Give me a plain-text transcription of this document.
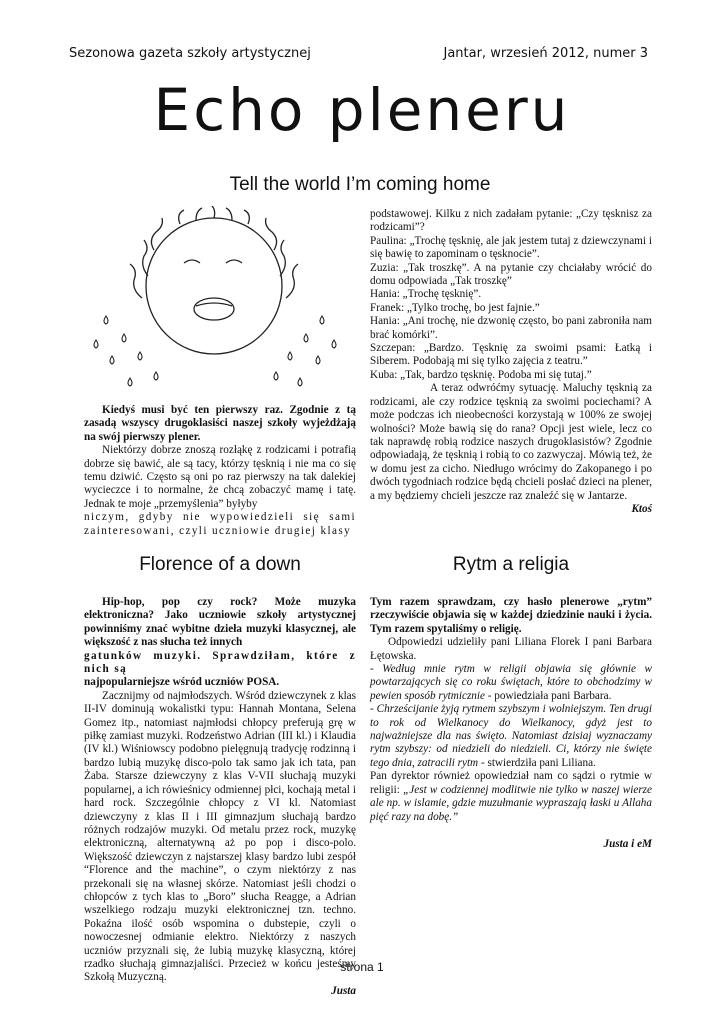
Sezonowa gazeta szkoły artystycznej	Jantar, wrzesień 2012, numer 3
Echo pleneru
Tell the world I’m coming home

Kiedyś musi być ten pierwszy raz. Zgodnie z tą zasadą wszyscy drugoklasiści naszej szkoły wyjeżdżają na swój pierwszy plener.

Niektórzy dobrze znoszą rozłąkę z rodzicami i potrafią dobrze się bawić, ale są tacy, którzy tęsknią i nie ma co się temu dziwić. Często są oni po raz pierwszy na tak dalekiej wycieczce i to normalne, że chcą zobaczyć mamę i tatę. Jednak te moje „przemyślenia” byłyby

niczym, gdyby nie wypowiedzieli się sami zainteresowani, czyli uczniowie drugiej klasy

podstawowej. Kilku z nich zadałam pytanie: „Czy tęsknisz za rodzicami”?

Paulina: „Trochę tęsknię, ale jak jestem tutaj z dziewczynami i się bawię to zapominam o tęsknocie”.

Zuzia: „Tak troszkę”. A na pytanie czy chciałaby wrócić do domu odpowiada „Tak troszkę”

Hania: „Trochę tęsknię”.

Franek: „Tylko trochę, bo jest fajnie.”

Hania: „Ani trochę, nie dzwonię często, bo pani zabroniła nam brać komórki”.

Szczepan: „Bardzo. Tęsknię za swoimi psami: Łatką i Siberem. Podobają mi się tylko zajęcia z teatru.”

Kuba: „Tak, bardzo tęsknię. Podoba mi się tutaj.”

A teraz odwróćmy sytuację. Maluchy tęsknią za rodzicami, ale czy rodzice tęsknią za swoimi pociechami? A może podczas ich nieobecności korzystają w 100% ze swojej wolności? Może bawią się do rana? Opcji jest wiele, lecz co tak naprawdę robią rodzice naszych drugoklasistów? Zgodnie odpowiadają, że tęsknią i robią to co zazwyczaj. Mówią też, że w domu jest za cicho. Niedługo wrócimy do Zakopanego i po dwóch tygodniach rodzice będą chcieli posłać dzieci na plener, a my będziemy chcieli jeszcze raz znaleźć się w Jantarze.

Ktoś

Florence of a down	Rytm a religia

Hip-hop, pop czy rock? Może muzyka elektroniczna? Jako uczniowie szkoły artystycznej powinniśmy znać wybitne dzieła muzyki klasycznej, ale większość z nas słucha też innych

gatunków muzyki. Sprawdziłam, które z nich są

najpopularniejsze wśród uczniów POSA.

Zacznijmy od najmłodszych. Wśród dziewczynek z klas II-IV dominują wokalistki typu: Hannah Montana, Selena Gomez itp., natomiast najmłodsi chłopcy preferują grę w piłkę zamiast muzyki. Rodzeństwo Adrian (III kl.) i Klaudia (IV kl.) Wiśniowscy podobno pielęgnują tradycję rodzinną i bardzo lubią muzykę disco-polo tak samo jak ich tata, pan Żaba. Starsze dziewczyny z klas V-VII słuchają muzyki popularnej, a ich rówieśnicy odmiennej płci, kochają metal i hard rock. Szczególnie chłopcy z VI kl. Natomiast dziewczyny z klas II i III gimnazjum słuchają bardzo różnych rodzajów muzyki. Od metalu przez rock, muzykę elektroniczną, alternatywną aż po pop i disco-polo. Większość dziewczyn z najstarszej klasy bardzo lubi zespół “Florence and the machine”, o czym niektórzy z nas przekonali się na własnej skórze. Natomiast jeśli chodzi o chłopców z tych klas to „Boro” słucha Reagge, a Adrian wszelkiego rodzaju muzyki elektronicznej tzn. techno. Pokaźna ilość osób wspomina o dubstepie, czyli o nowoczesnej odmianie elektro. Niektórzy z naszych uczniów przyznali się, że lubią muzykę klasyczną, której rzadko słuchają gimnazjaliści. Przecież w końcu jesteśmy Szkołą Muzyczną.

Justa

Tym razem sprawdzam, czy hasło plenerowe „rytm” rzeczywiście objawia się w każdej dziedzinie nauki i życia. Tym razem spytaliśmy o religię.

Odpowiedzi udzieliły pani Liliana Florek I pani Barbara Łętowska.

- Według mnie rytm w religii objawia się głównie w powtarzających się co roku świętach, które to obchodzimy w pewien sposób rytmicznie - powiedziała pani Barbara.

- Chrześcijanie żyją rytmem szybszym i wolniejszym. Ten drugi to rok od Wielkanocy do Wielkanocy, gdyż jest to najważniejsze dla nas święto. Natomiast dzisiaj wyznaczamy rytm szybszy: od niedzieli do niedzieli. Ci, którzy nie święte tego dnia, zatracili rytm - stwierdziła pani Liliana.

Pan dyrektor również opowiedział nam co sądzi o rytmie w religii: „Jest w codziennej modlitwie nie tylko w naszej wierze ale np. w islamie, gdzie muzułmanie wypraszają łaski u Allaha pięć razy na dobę.”

Justa i eM

strona 1
